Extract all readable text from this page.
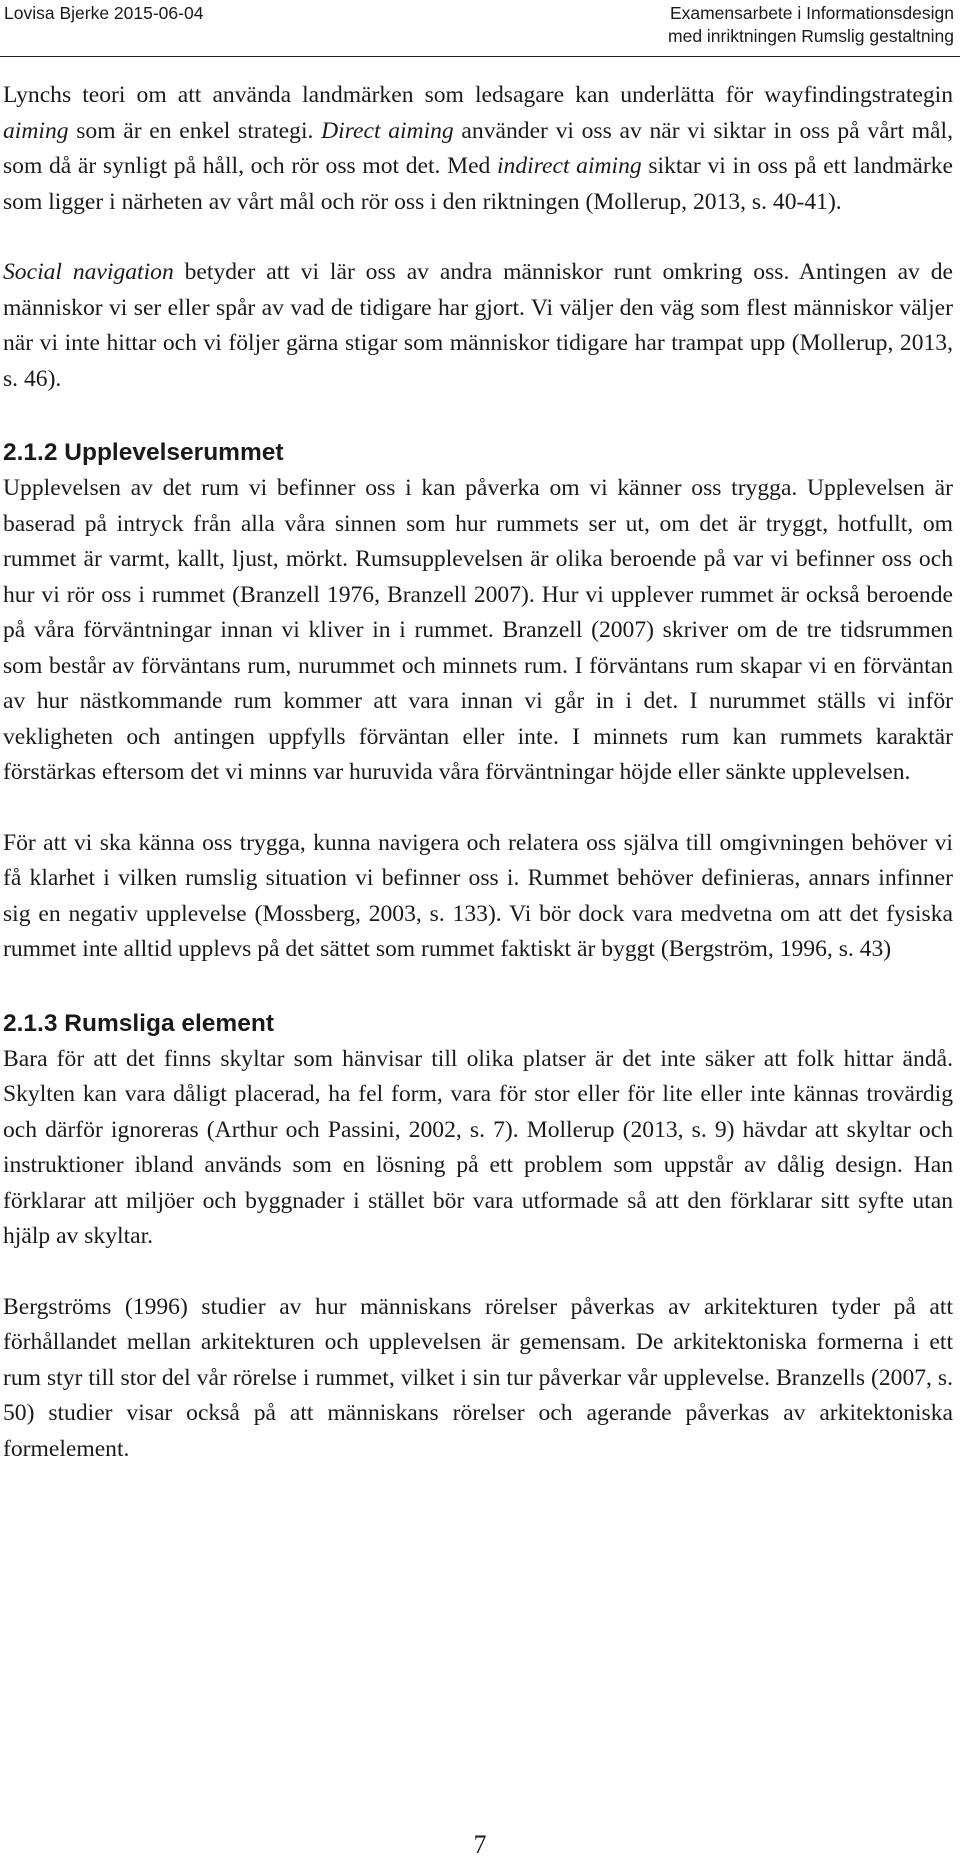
Lovisa Bjerke 2015-06-04	Examensarbete i Informationsdesign
med inriktningen Rumslig gestaltning

Lynchs teori om att använda landmärken som ledsagare kan underlätta för wayfindingstrategin aiming som är en enkel strategi. Direct aiming använder vi oss av när vi siktar in oss på vårt mål, som då är synligt på håll, och rör oss mot det. Med indirect aiming siktar vi in oss på ett landmärke som ligger i närheten av vårt mål och rör oss i den riktningen (Mollerup, 2013, s. 40-41).

Social navigation betyder att vi lär oss av andra människor runt omkring oss. Antingen av de människor vi ser eller spår av vad de tidigare har gjort. Vi väljer den väg som flest människor väljer när vi inte hittar och vi följer gärna stigar som människor tidigare har trampat upp (Mollerup, 2013, s. 46).

2.1.2 Upplevelserummet

Upplevelsen av det rum vi befinner oss i kan påverka om vi känner oss trygga. Upplevelsen är baserad på intryck från alla våra sinnen som hur rummets ser ut, om det är tryggt, hotfullt, om rummet är varmt, kallt, ljust, mörkt. Rumsupplevelsen är olika beroende på var vi befinner oss och hur vi rör oss i rummet (Branzell 1976, Branzell 2007). Hur vi upplever rummet är också beroende på våra förväntningar innan vi kliver in i rummet. Branzell (2007) skriver om de tre tidsrummen som består av förväntans rum, nurummet och minnets rum. I förväntans rum skapar vi en förväntan av hur nästkommande rum kommer att vara innan vi går in i det. I nurummet ställs vi inför vekligheten och antingen uppfylls förväntan eller inte. I minnets rum kan rummets karaktär förstärkas eftersom det vi minns var huruvida våra förväntningar höjde eller sänkte upplevelsen.

För att vi ska känna oss trygga, kunna navigera och relatera oss själva till omgivningen behöver vi få klarhet i vilken rumslig situation vi befinner oss i. Rummet behöver definieras, annars infinner sig en negativ upplevelse (Mossberg, 2003, s. 133). Vi bör dock vara medvetna om att det fysiska rummet inte alltid upplevs på det sättet som rummet faktiskt är byggt (Bergström, 1996, s. 43)

2.1.3 Rumsliga element

Bara för att det finns skyltar som hänvisar till olika platser är det inte säker att folk hittar ändå. Skylten kan vara dåligt placerad, ha fel form, vara för stor eller för lite eller inte kännas trovärdig och därför ignoreras (Arthur och Passini, 2002, s. 7). Mollerup (2013, s. 9) hävdar att skyltar och instruktioner ibland används som en lösning på ett problem som uppstår av dålig design. Han förklarar att miljöer och byggnader i stället bör vara utformade så att den förklarar sitt syfte utan hjälp av skyltar.

Bergströms (1996) studier av hur människans rörelser påverkas av arkitekturen tyder på att förhållandet mellan arkitekturen och upplevelsen är gemensam. De arkitektoniska formerna i ett rum styr till stor del vår rörelse i rummet, vilket i sin tur påverkar vår upplevelse. Branzells (2007, s. 50) studier visar också på att människans rörelser och agerande påverkas av arkitektoniska formelement.

7
